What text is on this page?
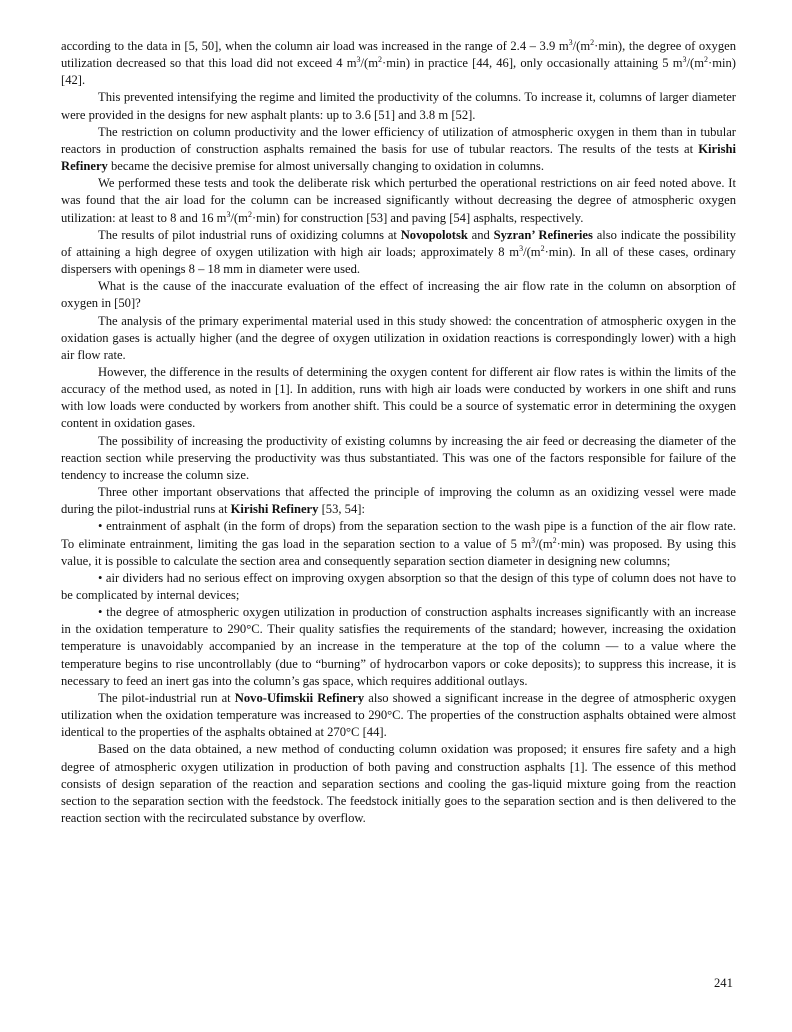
according to the data in [5, 50], when the column air load was increased in the range of 2.4 – 3.9 $m^3/(m^2\cdot\min)$, the degree of oxygen utilization decreased so that this load did not exceed 4 $m^3/(m^2\cdot\min)$ in practice [44, 46], only occasionally attaining 5 $m^3/(m^2\cdot\min)$ [42].

This prevented intensifying the regime and limited the productivity of the columns. To increase it, columns of larger diameter were provided in the designs for new asphalt plants: up to 3.6 [51] and 3.8 m [52].

The restriction on column productivity and the lower efficiency of utilization of atmospheric oxygen in them than in tubular reactors in production of construction asphalts remained the basis for use of tubular reactors. The results of the tests at Kirishi Refinery became the decisive premise for almost universally changing to oxidation in columns.

We performed these tests and took the deliberate risk which perturbed the operational restrictions on air feed noted above. It was found that the air load for the column can be increased significantly without decreasing the degree of atmospheric oxygen utilization: at least to 8 and 16 $m^3/(m^2\cdot\min)$ for construction [53] and paving [54] asphalts, respectively.

The results of pilot industrial runs of oxidizing columns at Novopolotsk and Syzran’ Refineries also indicate the possibility of attaining a high degree of oxygen utilization with high air loads; approximately 8 $m^3/(m^2\cdot\min)$. In all of these cases, ordinary dispersers with openings 8 – 18 mm in diameter were used.

What is the cause of the inaccurate evaluation of the effect of increasing the air flow rate in the column on absorption of oxygen in [50]?

The analysis of the primary experimental material used in this study showed: the concentration of atmospheric oxygen in the oxidation gases is actually higher (and the degree of oxygen utilization in oxidation reactions is correspondingly lower) with a high air flow rate.

However, the difference in the results of determining the oxygen content for different air flow rates is within the limits of the accuracy of the method used, as noted in [1]. In addition, runs with high air loads were conducted by workers in one shift and runs with low loads were conducted by workers from another shift. This could be a source of systematic error in determining the oxygen content in oxidation gases.

The possibility of increasing the productivity of existing columns by increasing the air feed or decreasing the diameter of the reaction section while preserving the productivity was thus substantiated. This was one of the factors responsible for failure of the tendency to increase the column size.

Three other important observations that affected the principle of improving the column as an oxidizing vessel were made during the pilot-industrial runs at Kirishi Refinery [53, 54]:

• entrainment of asphalt (in the form of drops) from the separation section to the wash pipe is a function of the air flow rate. To eliminate entrainment, limiting the gas load in the separation section to a value of 5 $m^3/(m^2\cdot\min)$ was proposed. By using this value, it is possible to calculate the section area and consequently separation section diameter in designing new columns;

• air dividers had no serious effect on improving oxygen absorption so that the design of this type of column does not have to be complicated by internal devices;

• the degree of atmospheric oxygen utilization in production of construction asphalts increases significantly with an increase in the oxidation temperature to 290°C. Their quality satisfies the requirements of the standard; however, increasing the oxidation temperature is unavoidably accompanied by an increase in the temperature at the top of the column — to a value where the temperature begins to rise uncontrollably (due to “burning” of hydrocarbon vapors or coke deposits); to suppress this increase, it is necessary to feed an inert gas into the column’s gas space, which requires additional outlays.

The pilot-industrial run at Novo-Ufimskii Refinery also showed a significant increase in the degree of atmospheric oxygen utilization when the oxidation temperature was increased to 290°C. The properties of the construction asphalts obtained were almost identical to the properties of the asphalts obtained at 270°C [44].

Based on the data obtained, a new method of conducting column oxidation was proposed; it ensures fire safety and a high degree of atmospheric oxygen utilization in production of both paving and construction asphalts [1]. The essence of this method consists of design separation of the reaction and separation sections and cooling the gas-liquid mixture going from the reaction section to the separation section with the feedstock. The feedstock initially goes to the separation section and is then delivered to the reaction section with the recirculated substance by overflow.

241
